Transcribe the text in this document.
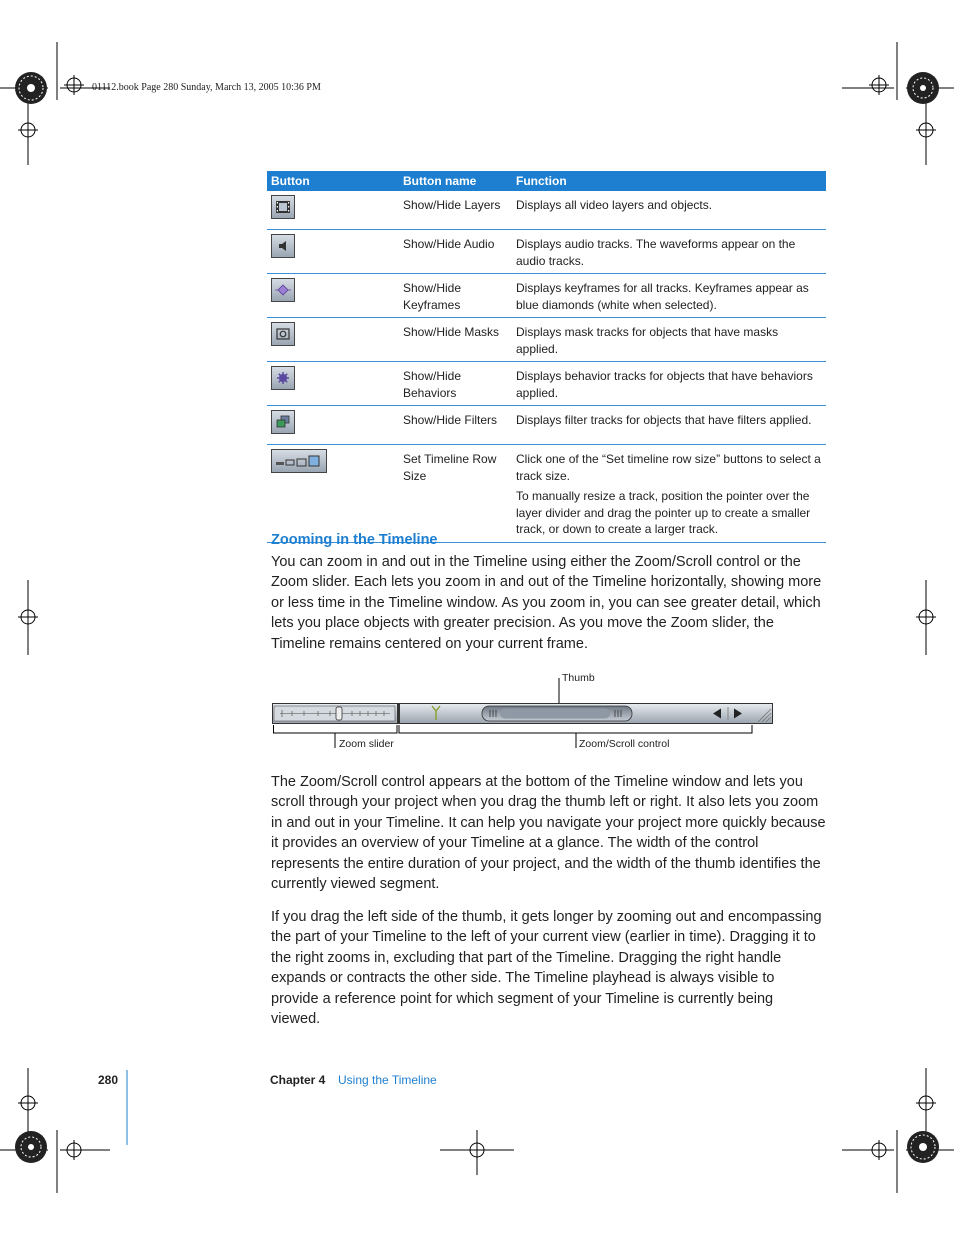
01112.book Page 280 Sunday, March 13, 2005 10:36 PM
Button	Button name	Function

	Show/Hide Layers	Displays all video layers and objects.

	Show/Hide Audio	Displays audio tracks. The waveforms appear on the audio tracks.

	Show/Hide Keyframes	Displays keyframes for all tracks. Keyframes appear as blue diamonds (white when selected).

	Show/Hide Masks	Displays mask tracks for objects that have masks applied.

	Show/Hide Behaviors	Displays behavior tracks for objects that have behaviors applied.

	Show/Hide Filters	Displays filter tracks for objects that have filters applied.

	Set Timeline Row Size	Click one of the “Set timeline row size” buttons to select a track size.

To manually resize a track, position the pointer over the layer divider and drag the pointer up to create a smaller track, or down to create a larger track.

Zooming in the Timeline

You can zoom in and out in the Timeline using either the Zoom/Scroll control or the Zoom slider. Each lets you zoom in and out of the Timeline horizontally, showing more or less time in the Timeline window. As you zoom in, you can see greater detail, which lets you place objects with greater precision. As you move the Zoom slider, the Timeline remains centered on your current frame.

Thumb
Zoom slider	Zoom/Scroll control

The Zoom/Scroll control appears at the bottom of the Timeline window and lets you scroll through your project when you drag the thumb left or right. It also lets you zoom in and out in your Timeline. It can help you navigate your project more quickly because it provides an overview of your Timeline at a glance. The width of the control represents the entire duration of your project, and the width of the thumb identifies the currently viewed segment.

If you drag the left side of the thumb, it gets longer by zooming out and encompassing the part of your Timeline to the left of your current view (earlier in time). Dragging it to the right zooms in, excluding that part of the Timeline. Dragging the right handle expands or contracts the other side. The Timeline playhead is always visible to provide a reference point for which segment of your Timeline is currently being viewed.

280	Chapter 4 Using the Timeline
